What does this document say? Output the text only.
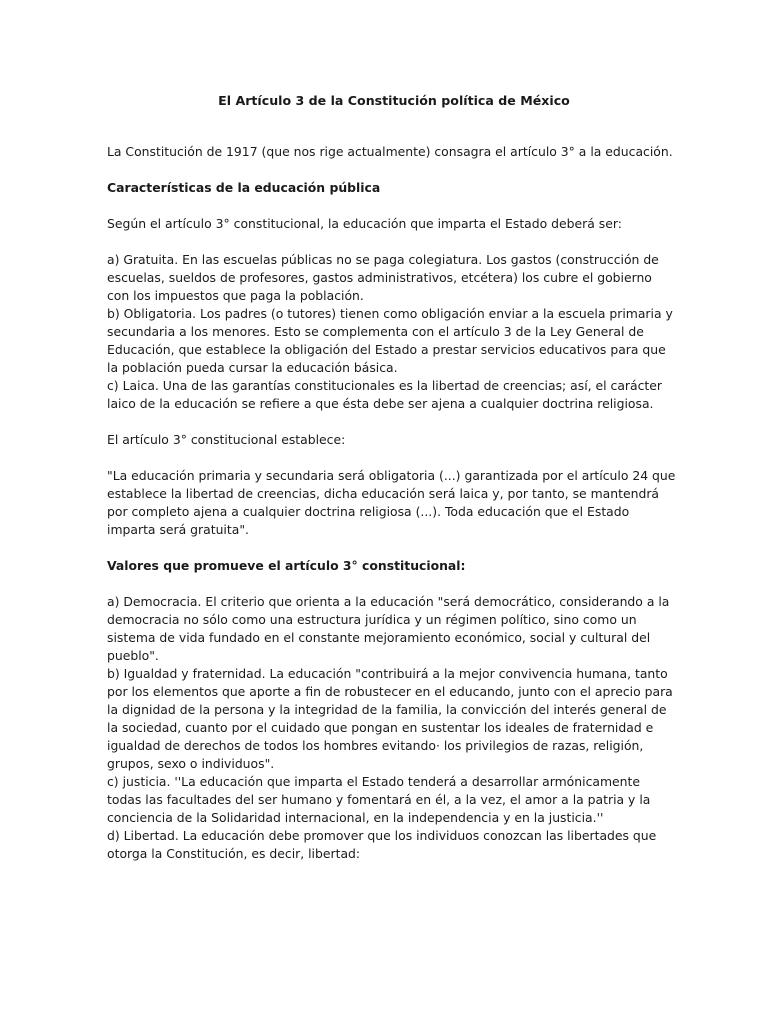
El Artículo 3 de la Constitución política de México

La Constitución de 1917 (que nos rige actualmente) consagra el artículo 3° a la educación.

Características de la educación pública

Según el artículo 3° constitucional, la educación que imparta el Estado deberá ser:

a) Gratuita. En las escuelas públicas no se paga colegiatura. Los gastos (construcción de escuelas, sueldos de profesores, gastos administrativos, etcétera) los cubre el gobierno con los impuestos que paga la población.

b) Obligatoria. Los padres (o tutores) tienen como obligación enviar a la escuela primaria y secundaria a los menores. Esto se complementa con el artículo 3 de la Ley General de Educación, que establece la obligación del Estado a prestar servicios educativos para que la población pueda cursar la educación básica.

c) Laica. Una de las garantías constitucionales es la libertad de creencias; así, el carácter laico de la educación se refiere a que ésta debe ser ajena a cualquier doctrina religiosa.

El artículo 3° constitucional establece:

"La educación primaria y secundaria será obligatoria (...) garantizada por el artículo 24 que establece la libertad de creencias, dicha educación será laica y, por tanto, se mantendrá por completo ajena a cualquier doctrina religiosa (...). Toda educación que el Estado imparta será gratuita".

Valores que promueve el artículo 3° constitucional:

a) Democracia. El criterio que orienta a la educación "será democrático, considerando a la democracia no sólo como una estructura jurídica y un régimen político, sino como un sistema de vida fundado en el constante mejoramiento económico, social y cultural del pueblo".

b) Igualdad y fraternidad. La educación "contribuirá a la mejor convivencia humana, tanto por los elementos que aporte a fin de robustecer en el educando, junto con el aprecio para la dignidad de la persona y la integridad de la familia, la convicción del interés general de la sociedad, cuanto por el cuidado que pongan en sustentar los ideales de fraternidad e igualdad de derechos de todos los hombres evitando· los privilegios de razas, religión, grupos, sexo o individuos".

c) justicia. ''La educación que imparta el Estado tenderá a desarrollar armónicamente todas las facultades del ser humano y fomentará en él, a la vez, el amor a la patria y la conciencia de la Solidaridad internacional, en la independencia y en la justicia.''

d) Libertad. La educación debe promover que los individuos conozcan las libertades que otorga la Constitución, es decir, libertad:
